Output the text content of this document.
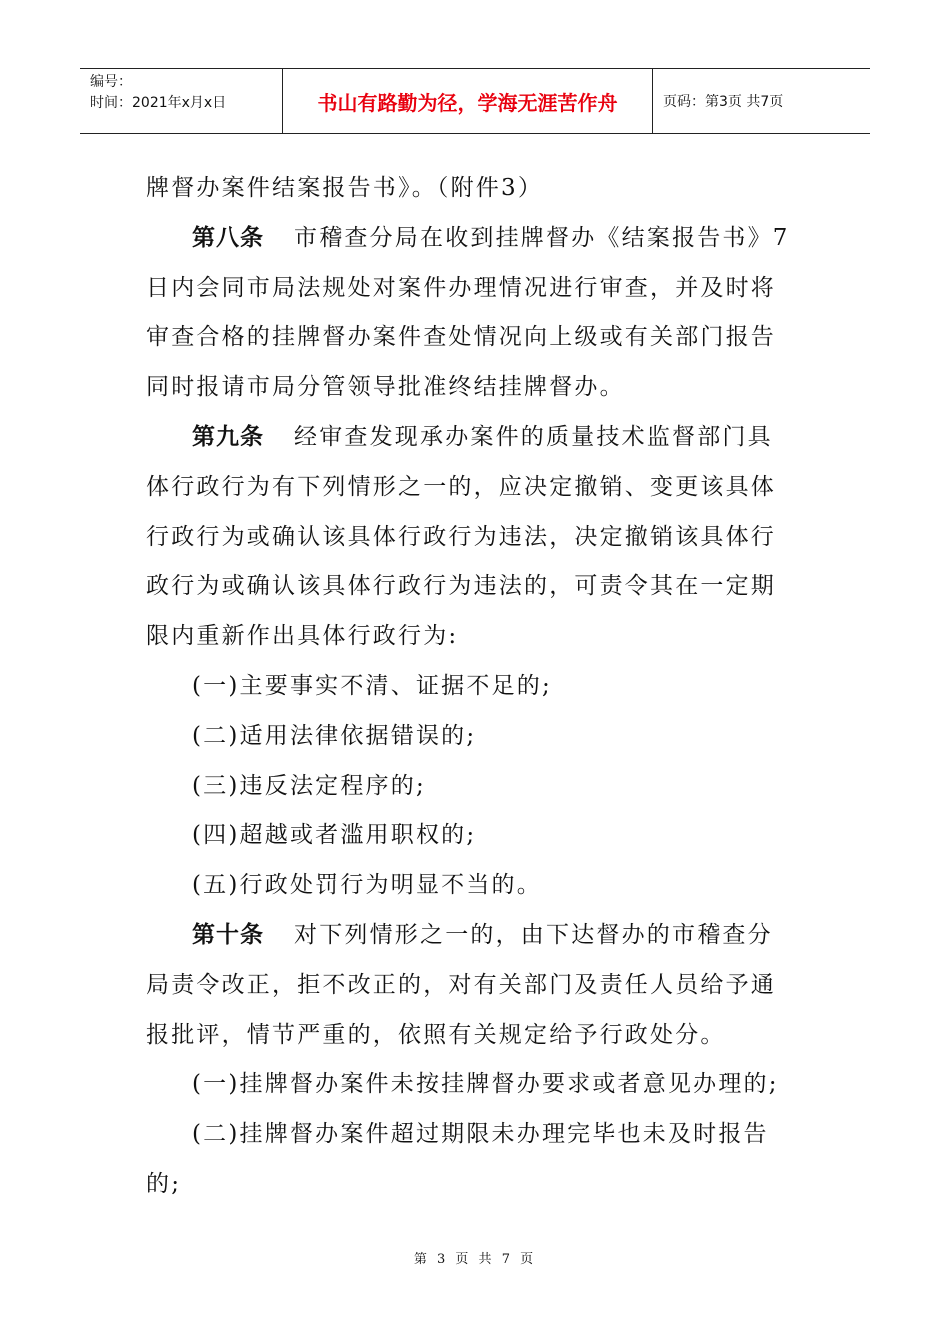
编号：
时间：2021年x月x日	书山有路勤为径，学海无涯苦作舟	页码：第3页 共7页
牌督办案件结案报告书》。（附件3）
第八条 市稽查分局在收到挂牌督办《结案报告书》7
日内会同市局法规处对案件办理情况进行审查，并及时将
审查合格的挂牌督办案件查处情况向上级或有关部门报告
同时报请市局分管领导批准终结挂牌督办。
第九条 经审查发现承办案件的质量技术监督部门具
体行政行为有下列情形之一的，应决定撤销、变更该具体
行政行为或确认该具体行政行为违法，决定撤销该具体行
政行为或确认该具体行政行为违法的，可责令其在一定期
限内重新作出具体行政行为:
(一)主要事实不清、证据不足的;
(二)适用法律依据错误的;
(三)违反法定程序的;
(四)超越或者滥用职权的;
(五)行政处罚行为明显不当的。
第十条 对下列情形之一的，由下达督办的市稽查分
局责令改正，拒不改正的，对有关部门及责任人员给予通
报批评，情节严重的，依照有关规定给予行政处分。
(一)挂牌督办案件未按挂牌督办要求或者意见办理的;
(二)挂牌督办案件超过期限未办理完毕也未及时报告
的;
第 3 页 共 7 页
